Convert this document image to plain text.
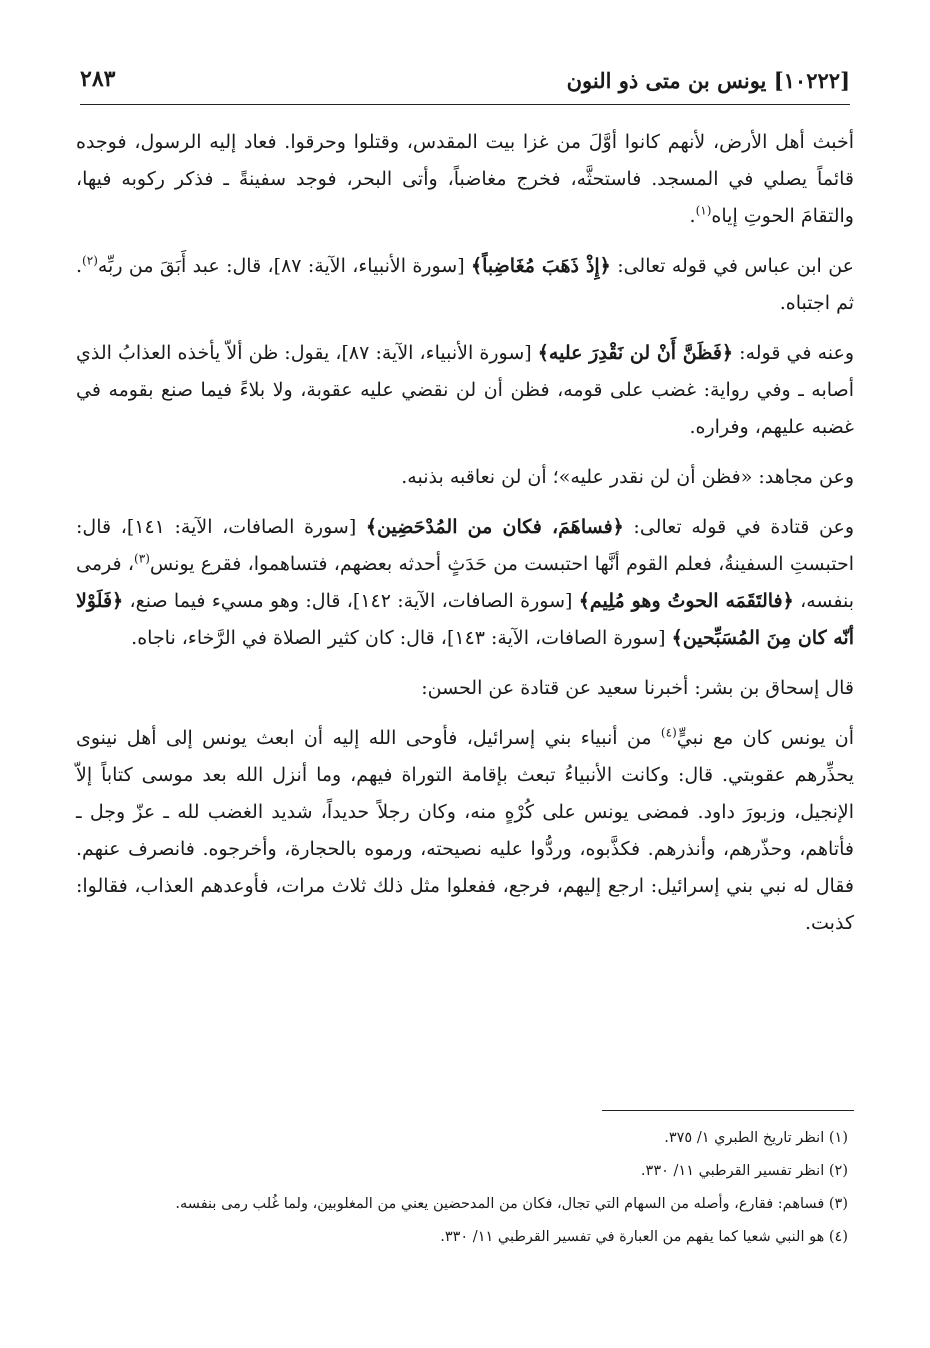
[١٠٢٢٢] يونس بن متى ذو النون
٢٨٣

أخبث أهل الأرض، لأنهم كانوا أوَّلَ من غزا بيت المقدس، وقتلوا وحرقوا. فعاد إليه الرسول، فوجده قائماً يصلي في المسجد. فاستحثَّه، فخرج مغاضباً، وأتى البحر، فوجد سفينةً ـ فذكر ركوبه فيها، والتقامَ الحوتِ إياه$^{(١)}$.

عن ابن عباس في قوله تعالى: ﴿إِذْ ذَهَبَ مُغَاضِباً﴾ [سورة الأنبياء، الآية: ٨٧]، قال: عبد أَبَقَ من ربِّه$^{(٢)}$. ثم اجتباه.

وعنه في قوله: ﴿فَظَنَّ أَنْ لن نَقْدِرَ عليه﴾ [سورة الأنبياء، الآية: ٨٧]، يقول: ظن ألاّ يأخذه العذابُ الذي أصابه ـ وفي رواية: غضب على قومه، فظن أن لن نقضي عليه عقوبة، ولا بلاءً فيما صنع بقومه في غضبه عليهم، وفراره.

وعن مجاهد: «فظن أن لن نقدر عليه»؛ أن لن نعاقبه بذنبه.

وعن قتادة في قوله تعالى: ﴿فساهَمَ، فكان من المُدْحَضِين﴾ [سورة الصافات، الآية: ١٤١]، قال: احتبستِ السفينةُ، فعلم القوم أنَّها احتبست من حَدَثٍ أحدثه بعضهم، فتساهموا، فقرع يونس$^{(٣)}$، فرمى بنفسه، ﴿فالتَقَمَه الحوتُ وهو مُلِيم﴾ [سورة الصافات، الآية: ١٤٢]، قال: وهو مسيء فيما صنع، ﴿فَلَوْلا أنّه كان مِنَ المُسَبِّحين﴾ [سورة الصافات، الآية: ١٤٣]، قال: كان كثير الصلاة في الرَّخاء، ناجاه.

قال إسحاق بن بشر: أخبرنا سعيد عن قتادة عن الحسن:

أن يونس كان مع نبيٍّ$^{(٤)}$ من أنبياء بني إسرائيل، فأوحى الله إليه أن ابعث يونس إلى أهل نينوى يحذِّرهم عقوبتي. قال: وكانت الأنبياءُ تبعث بإقامة التوراة فيهم، وما أنزل الله بعد موسى كتاباً إلاّ الإنجيل، وزبورَ داود. فمضى يونس على كُرْهٍ منه، وكان رجلاً حديداً، شديد الغضب لله ـ عزّ وجل ـ فأتاهم، وحذّرهم، وأنذرهم. فكذَّبوه، وردُّوا عليه نصيحته، ورموه بالحجارة، وأخرجوه. فانصرف عنهم. فقال له نبي بني إسرائيل: ارجع إليهم، فرجع، ففعلوا مثل ذلك ثلاث مرات، فأوعدهم العذاب، فقالوا: كذبت.

(١) انظر تاريخ الطبري ١/ ٣٧٥.
(٢) انظر تفسير القرطبي ١١/ ٣٣٠.
(٣) فساهم: فقارع، وأصله من السهام التي تجال، فكان من المدحضين يعني من المغلوبين، ولما غُلب رمى بنفسه.
(٤) هو النبي شعيا كما يفهم من العبارة في تفسير القرطبي ١١/ ٣٣٠.
